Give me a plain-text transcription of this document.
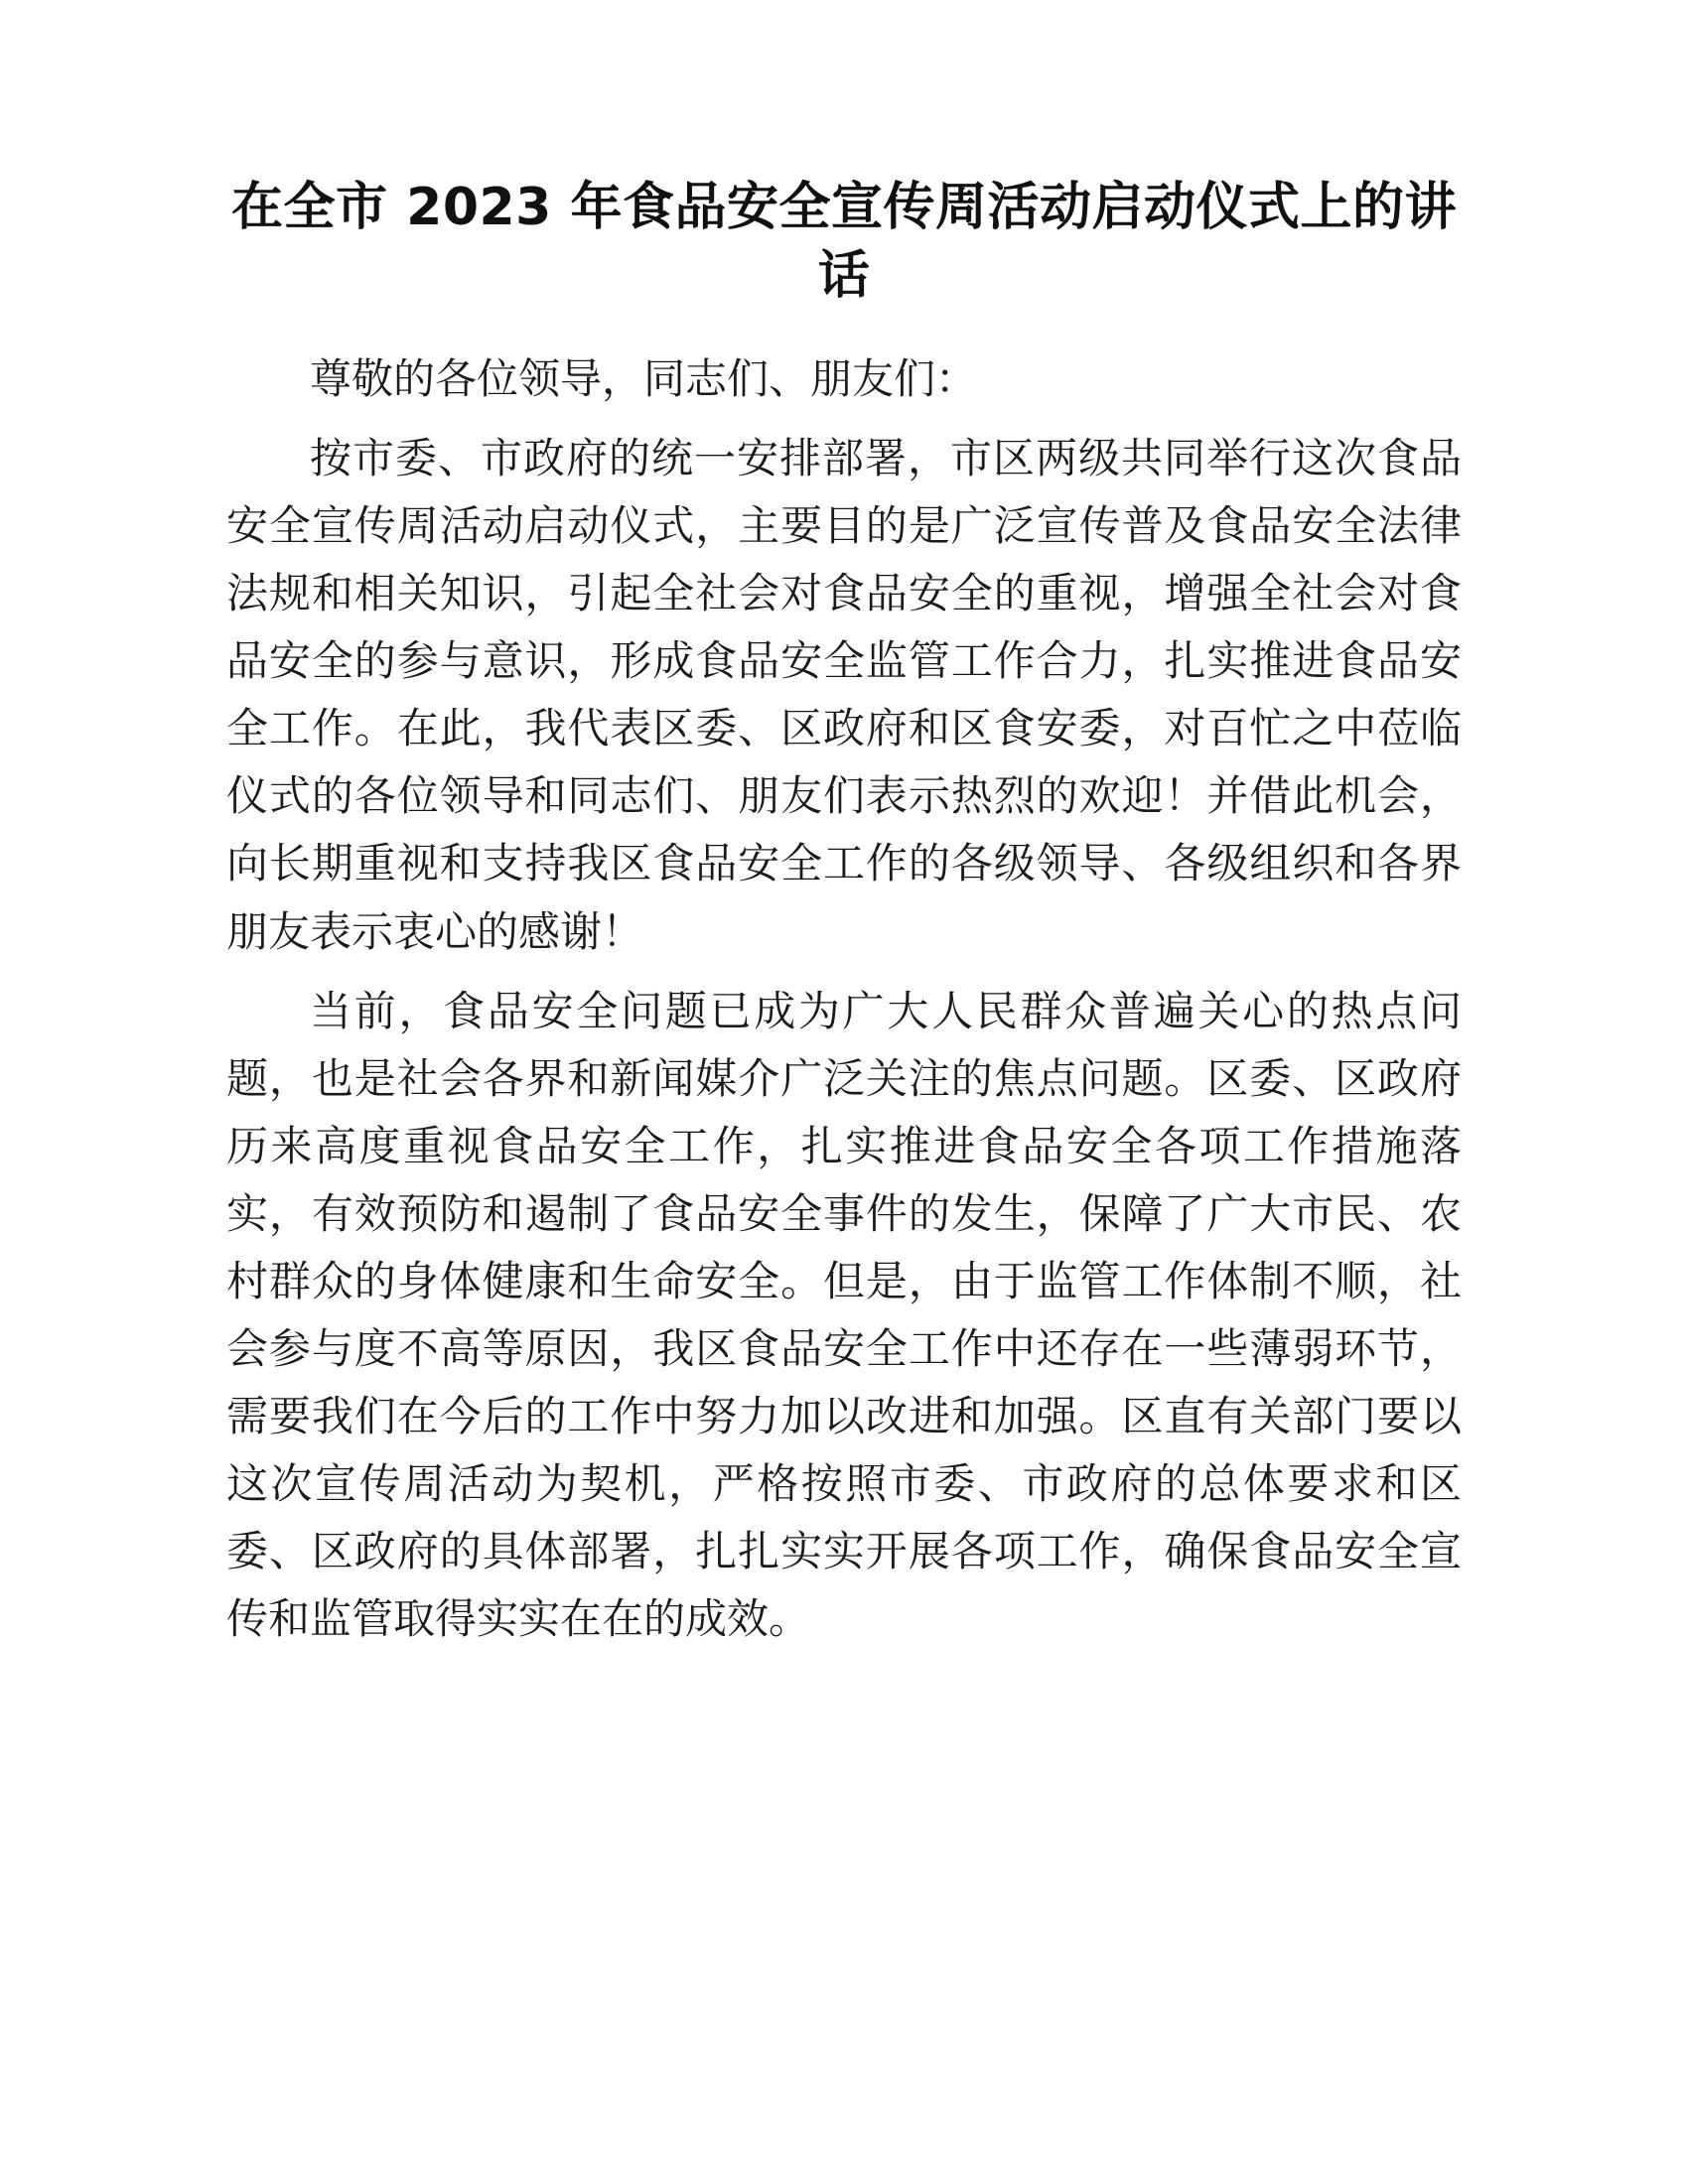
在全市 2023 年食品安全宣传周活动启动仪式上的讲话

尊敬的各位领导，同志们、朋友们：

按市委、市政府的统一安排部署，市区两级共同举行这次食品安全宣传周活动启动仪式，主要目的是广泛宣传普及食品安全法律法规和相关知识，引起全社会对食品安全的重视，增强全社会对食品安全的参与意识，形成食品安全监管工作合力，扎实推进食品安全工作。在此，我代表区委、区政府和区食安委，对百忙之中莅临仪式的各位领导和同志们、朋友们表示热烈的欢迎！并借此机会，向长期重视和支持我区食品安全工作的各级领导、各级组织和各界朋友表示衷心的感谢！

当前，食品安全问题已成为广大人民群众普遍关心的热点问题，也是社会各界和新闻媒介广泛关注的焦点问题。区委、区政府历来高度重视食品安全工作，扎实推进食品安全各项工作措施落实，有效预防和遏制了食品安全事件的发生，保障了广大市民、农村群众的身体健康和生命安全。但是，由于监管工作体制不顺，社会参与度不高等原因，我区食品安全工作中还存在一些薄弱环节，需要我们在今后的工作中努力加以改进和加强。区直有关部门要以这次宣传周活动为契机，严格按照市委、市政府的总体要求和区委、区政府的具体部署，扎扎实实开展各项工作，确保食品安全宣传和监管取得实实在在的成效。
